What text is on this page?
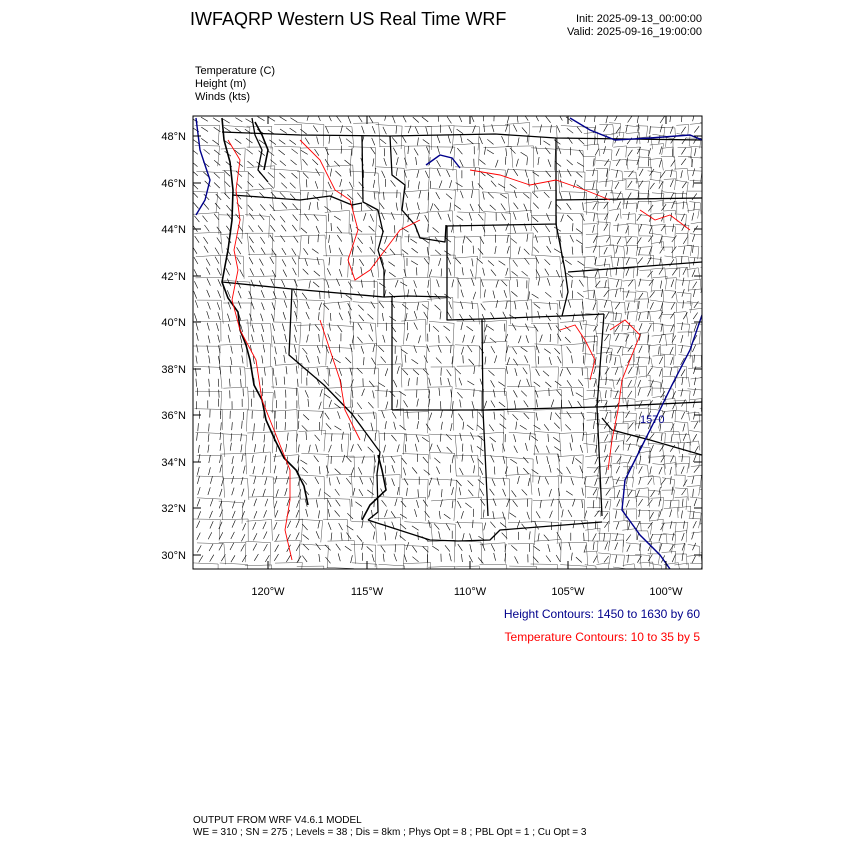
IWFAQRP Western US Real Time WRF	Init: 2025-09-13_00:00:00
Valid: 2025-09-16_19:00:00
Temperature (C)
Height (m)
Winds (kts)
48°N
46°N
44°N
42°N
40°N
38°N
36°N
34°N
32°N
30°N
120°W	115°W	110°W	105°W	100°W
1570
Height Contours: 1450 to 1630 by 60
Temperature Contours: 10 to 35 by 5
OUTPUT FROM WRF V4.6.1 MODEL
WE = 310 ; SN = 275 ; Levels = 38 ; Dis = 8km ; Phys Opt = 8 ; PBL Opt = 1 ; Cu Opt = 3
